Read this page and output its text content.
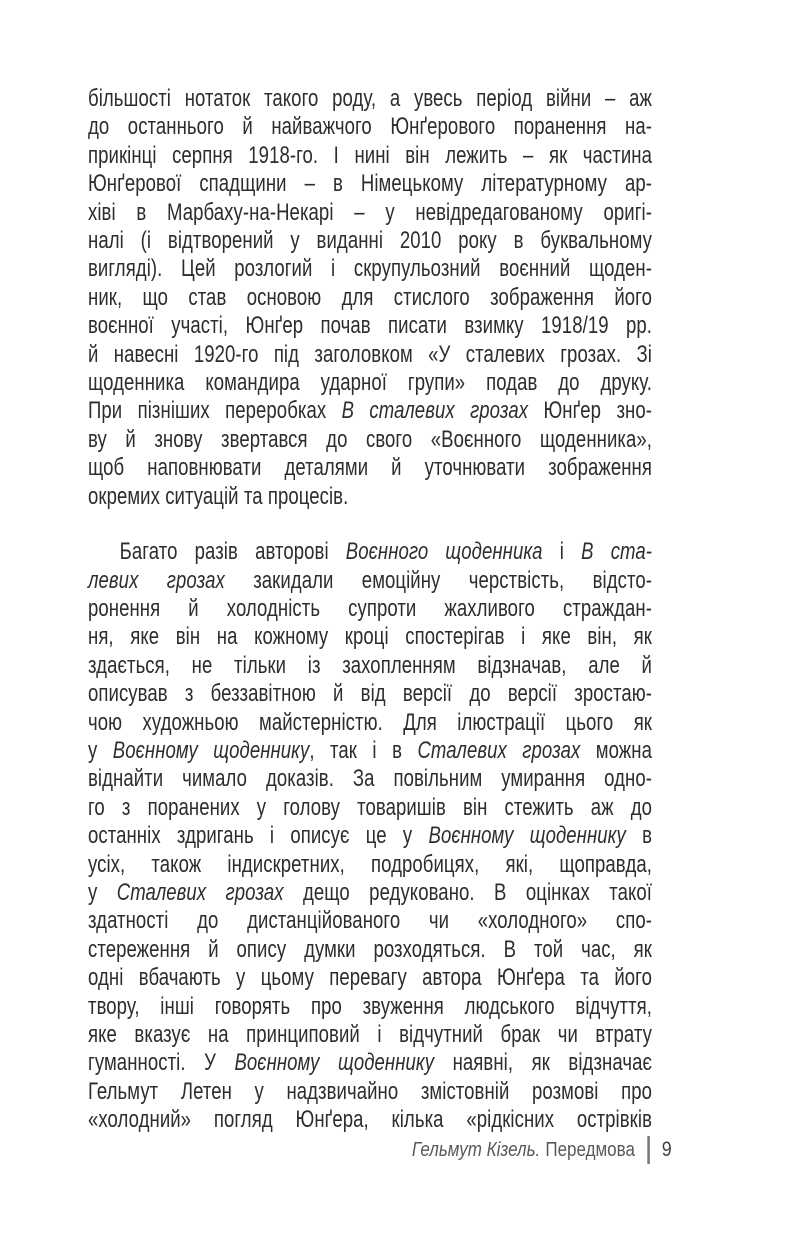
більшості нотаток такого роду, а увесь період війни – аж
до останнього й найважчого Юнґерового поранення на-
прикінці серпня 1918-го. І нині він лежить – як частина
Юнґерової спадщини – в Німецькому літературному ар-
хіві в Марбаху-на-Некарі – у невідредагованому оригі-
налі (і відтворений у виданні 2010 року в буквальному
вигляді). Цей розлогий і скрупульозний воєнний щоден-
ник, що став основою для стислого зображення його
воєнної участі, Юнґер почав писати взимку 1918/19 рр.
й навесні 1920-го під заголовком «У сталевих грозах. Зі
щоденника командира ударної групи» подав до друку.
При пізніших переробках В сталевих грозах Юнґер зно-
ву й знову звертався до свого «Воєнного щоденника»,
щоб наповнювати деталями й уточнювати зображення
окремих ситуацій та процесів.
Багато разів авторові Воєнного щоденника і В ста-
левих грозах закидали емоційну черствість, відсто-
ронення й холодність супроти жахливого страждан-
ня, яке він на кожному кроці спостерігав і яке він, як
здається, не тільки із захопленням відзначав, але й
описував з беззавітною й від версії до версії зростаю-
чою художньою майстерністю. Для ілюстрації цього як
у Воєнному щоденнику, так і в Сталевих грозах можна
віднайти чимало доказів. За повільним умирання одно-
го з поранених у голову товаришів він стежить аж до
останніх здригань і описує це у Воєнному щоденнику в
усіх, також індискретних, подробицях, які, щоправда,
у Сталевих грозах дещо редуковано. В оцінках такої
здатності до дистанційованого чи «холодного» спо-
стереження й опису думки розходяться. В той час, як
одні вбачають у цьому перевагу автора Юнґера та його
твору, інші говорять про звуження людського відчуття,
яке вказує на принциповий і відчутний брак чи втрату
гуманності. У Воєнному щоденнику наявні, як відзначає
Гельмут Летен у надзвичайно змістовній розмові про
«холодний» погляд Юнґера, кілька «рідкісних острівків
Гельмут Кізель. Передмова 9
